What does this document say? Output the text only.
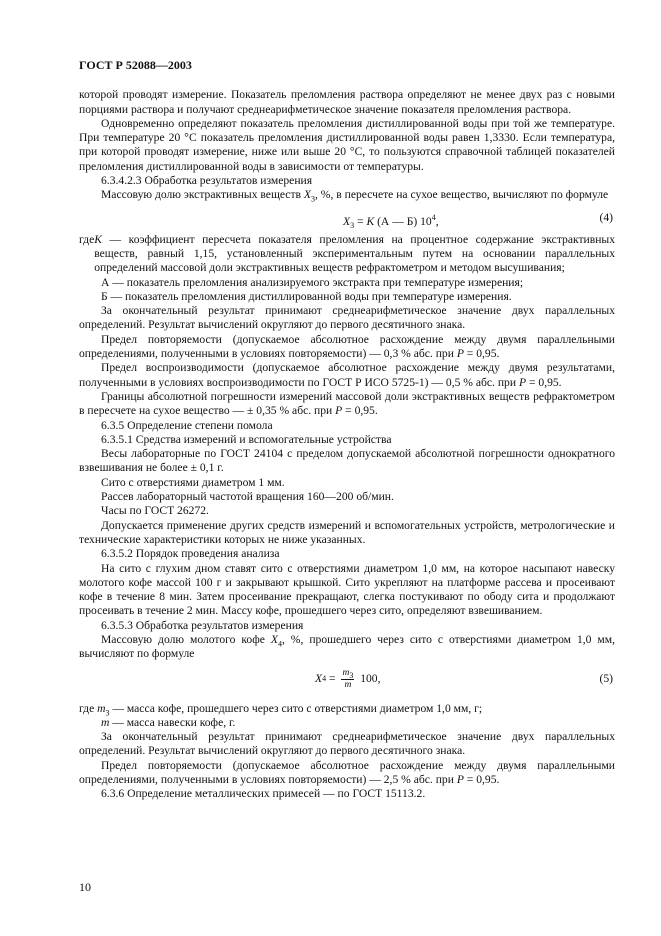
ГОСТ Р 52088—2003

которой проводят измерение. Показатель преломления раствора определяют не менее двух раз с новыми порциями раствора и получают среднеарифметическое значение показателя преломления раствора.

Одновременно определяют показатель преломления дистиллированной воды при той же температуре. При температуре 20 °С показатель преломления дистиллированной воды равен 1,3330. Если температура, при которой проводят измерение, ниже или выше 20 °С, то пользуются справочной таблицей показателей преломления дистиллированной воды в зависимости от температуры.

6.3.4.2.3 Обработка результатов измерения

Массовую долю экстрактивных веществ $X_3$, %, в пересчете на сухое вещество, вычисляют по формуле

$X_3 = K$ (А — Б) $10^4$,	(4)
где K — коэффициент пересчета показателя преломления на процентное содержание экстрактивных веществ, равный 1,15, установленный экспериментальным путем на основании параллельных определений массовой доли экстрактивных веществ рефрактометром и методом высушивания;

А — показатель преломления анализируемого экстракта при температуре измерения;

Б — показатель преломления дистиллированной воды при температуре измерения.

За окончательный результат принимают среднеарифметическое значение двух параллельных определений. Результат вычислений округляют до первого десятичного знака.

Предел повторяемости (допускаемое абсолютное расхождение между двумя параллельными определениями, полученными в условиях повторяемости) — 0,3 % абс. при P = 0,95.

Предел воспроизводимости (допускаемое абсолютное расхождение между двумя результатами, полученными в условиях воспроизводимости по ГОСТ Р ИСО 5725-1) — 0,5 % абс. при P = 0,95.

Границы абсолютной погрешности измерений массовой доли экстрактивных веществ рефрактометром в пересчете на сухое вещество — ± 0,35 % абс. при P = 0,95.

6.3.5 Определение степени помола

6.3.5.1 Средства измерений и вспомогательные устройства

Весы лабораторные по ГОСТ 24104 с пределом допускаемой абсолютной погрешности однократного взвешивания не более ± 0,1 г.

Сито с отверстиями диаметром 1 мм.

Рассев лабораторный частотой вращения 160—200 об/мин.

Часы по ГОСТ 26272.

Допускается применение других средств измерений и вспомогательных устройств, метрологические и технические характеристики которых не ниже указанных.

6.3.5.2 Порядок проведения анализа

На сито с глухим дном ставят сито с отверстиями диаметром 1,0 мм, на которое насыпают навеску молотого кофе массой 100 г и закрывают крышкой. Сито укрепляют на платформе рассева и просеивают кофе в течение 8 мин. Затем просеивание прекращают, слегка постукивают по ободу сита и продолжают просеивать в течение 2 мин. Массу кофе, прошедшего через сито, определяют взвешиванием.

6.3.5.3 Обработка результатов измерения

Массовую долю молотого кофе $X_4$, %, прошедшего через сито с отверстиями диаметром 1,0 мм, вычисляют по формуле

X $4 = \frac{m_3}{m} 100$,	(5)

где $m_3$ — масса кофе, прошедшего через сито с отверстиями диаметром 1,0 мм, г;

m — масса навески кофе, г.

За окончательный результат принимают среднеарифметическое значение двух параллельных определений. Результат вычислений округляют до первого десятичного знака.

Предел повторяемости (допускаемое абсолютное расхождение между двумя параллельными определениями, полученными в условиях повторяемости) — 2,5 % абс. при P = 0,95.

6.3.6 Определение металлических примесей — по ГОСТ 15113.2.

10
